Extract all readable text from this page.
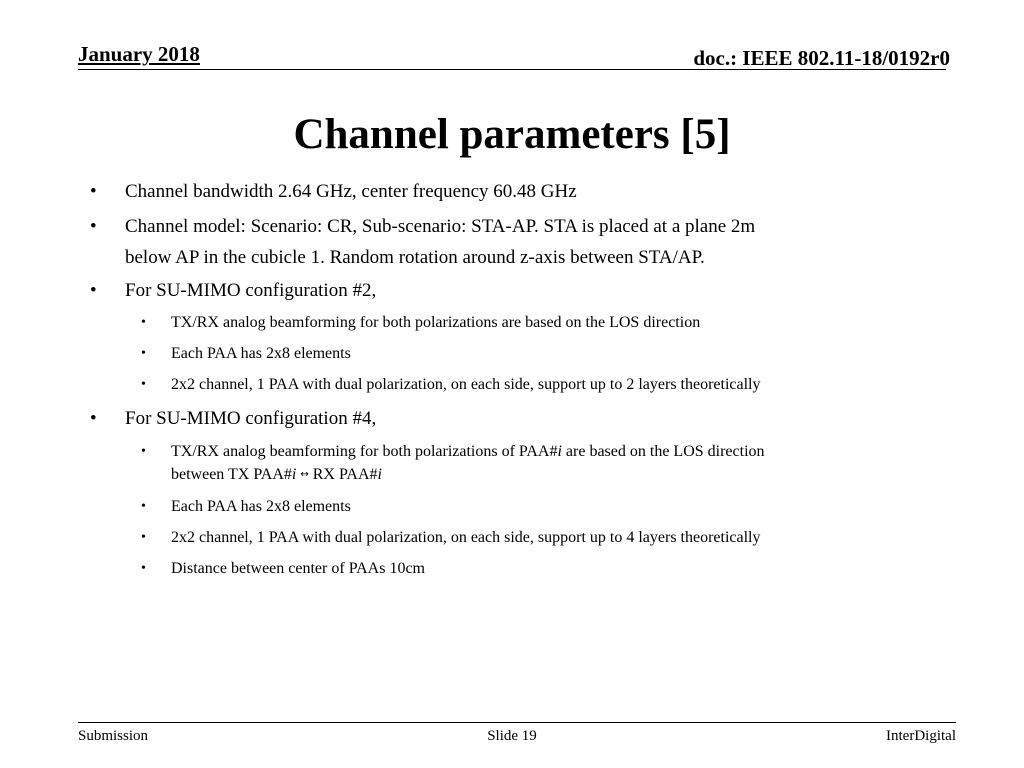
January 2018	doc.: IEEE 802.11-18/0192r0
Channel parameters [5]
• Channel bandwidth 2.64 GHz, center frequency 60.48 GHz
• Channel model: Scenario: CR, Sub-scenario: STA-AP. STA is placed at a plane 2m
below AP in the cubicle 1. Random rotation around z-axis between STA/AP.
• For SU-MIMO configuration #2,
• TX/RX analog beamforming for both polarizations are based on the LOS direction
• Each PAA has 2x8 elements
• 2x2 channel, 1 PAA with dual polarization, on each side, support up to 2 layers theoretically
• For SU-MIMO configuration #4,
• TX/RX analog beamforming for both polarizations of PAA#i are based on the LOS direction
between TX PAA#i ↔ RX PAA#i
• Each PAA has 2x8 elements
• 2x2 channel, 1 PAA with dual polarization, on each side, support up to 4 layers theoretically
• Distance between center of PAAs 10cm
Submission	Slide 19	InterDigital
